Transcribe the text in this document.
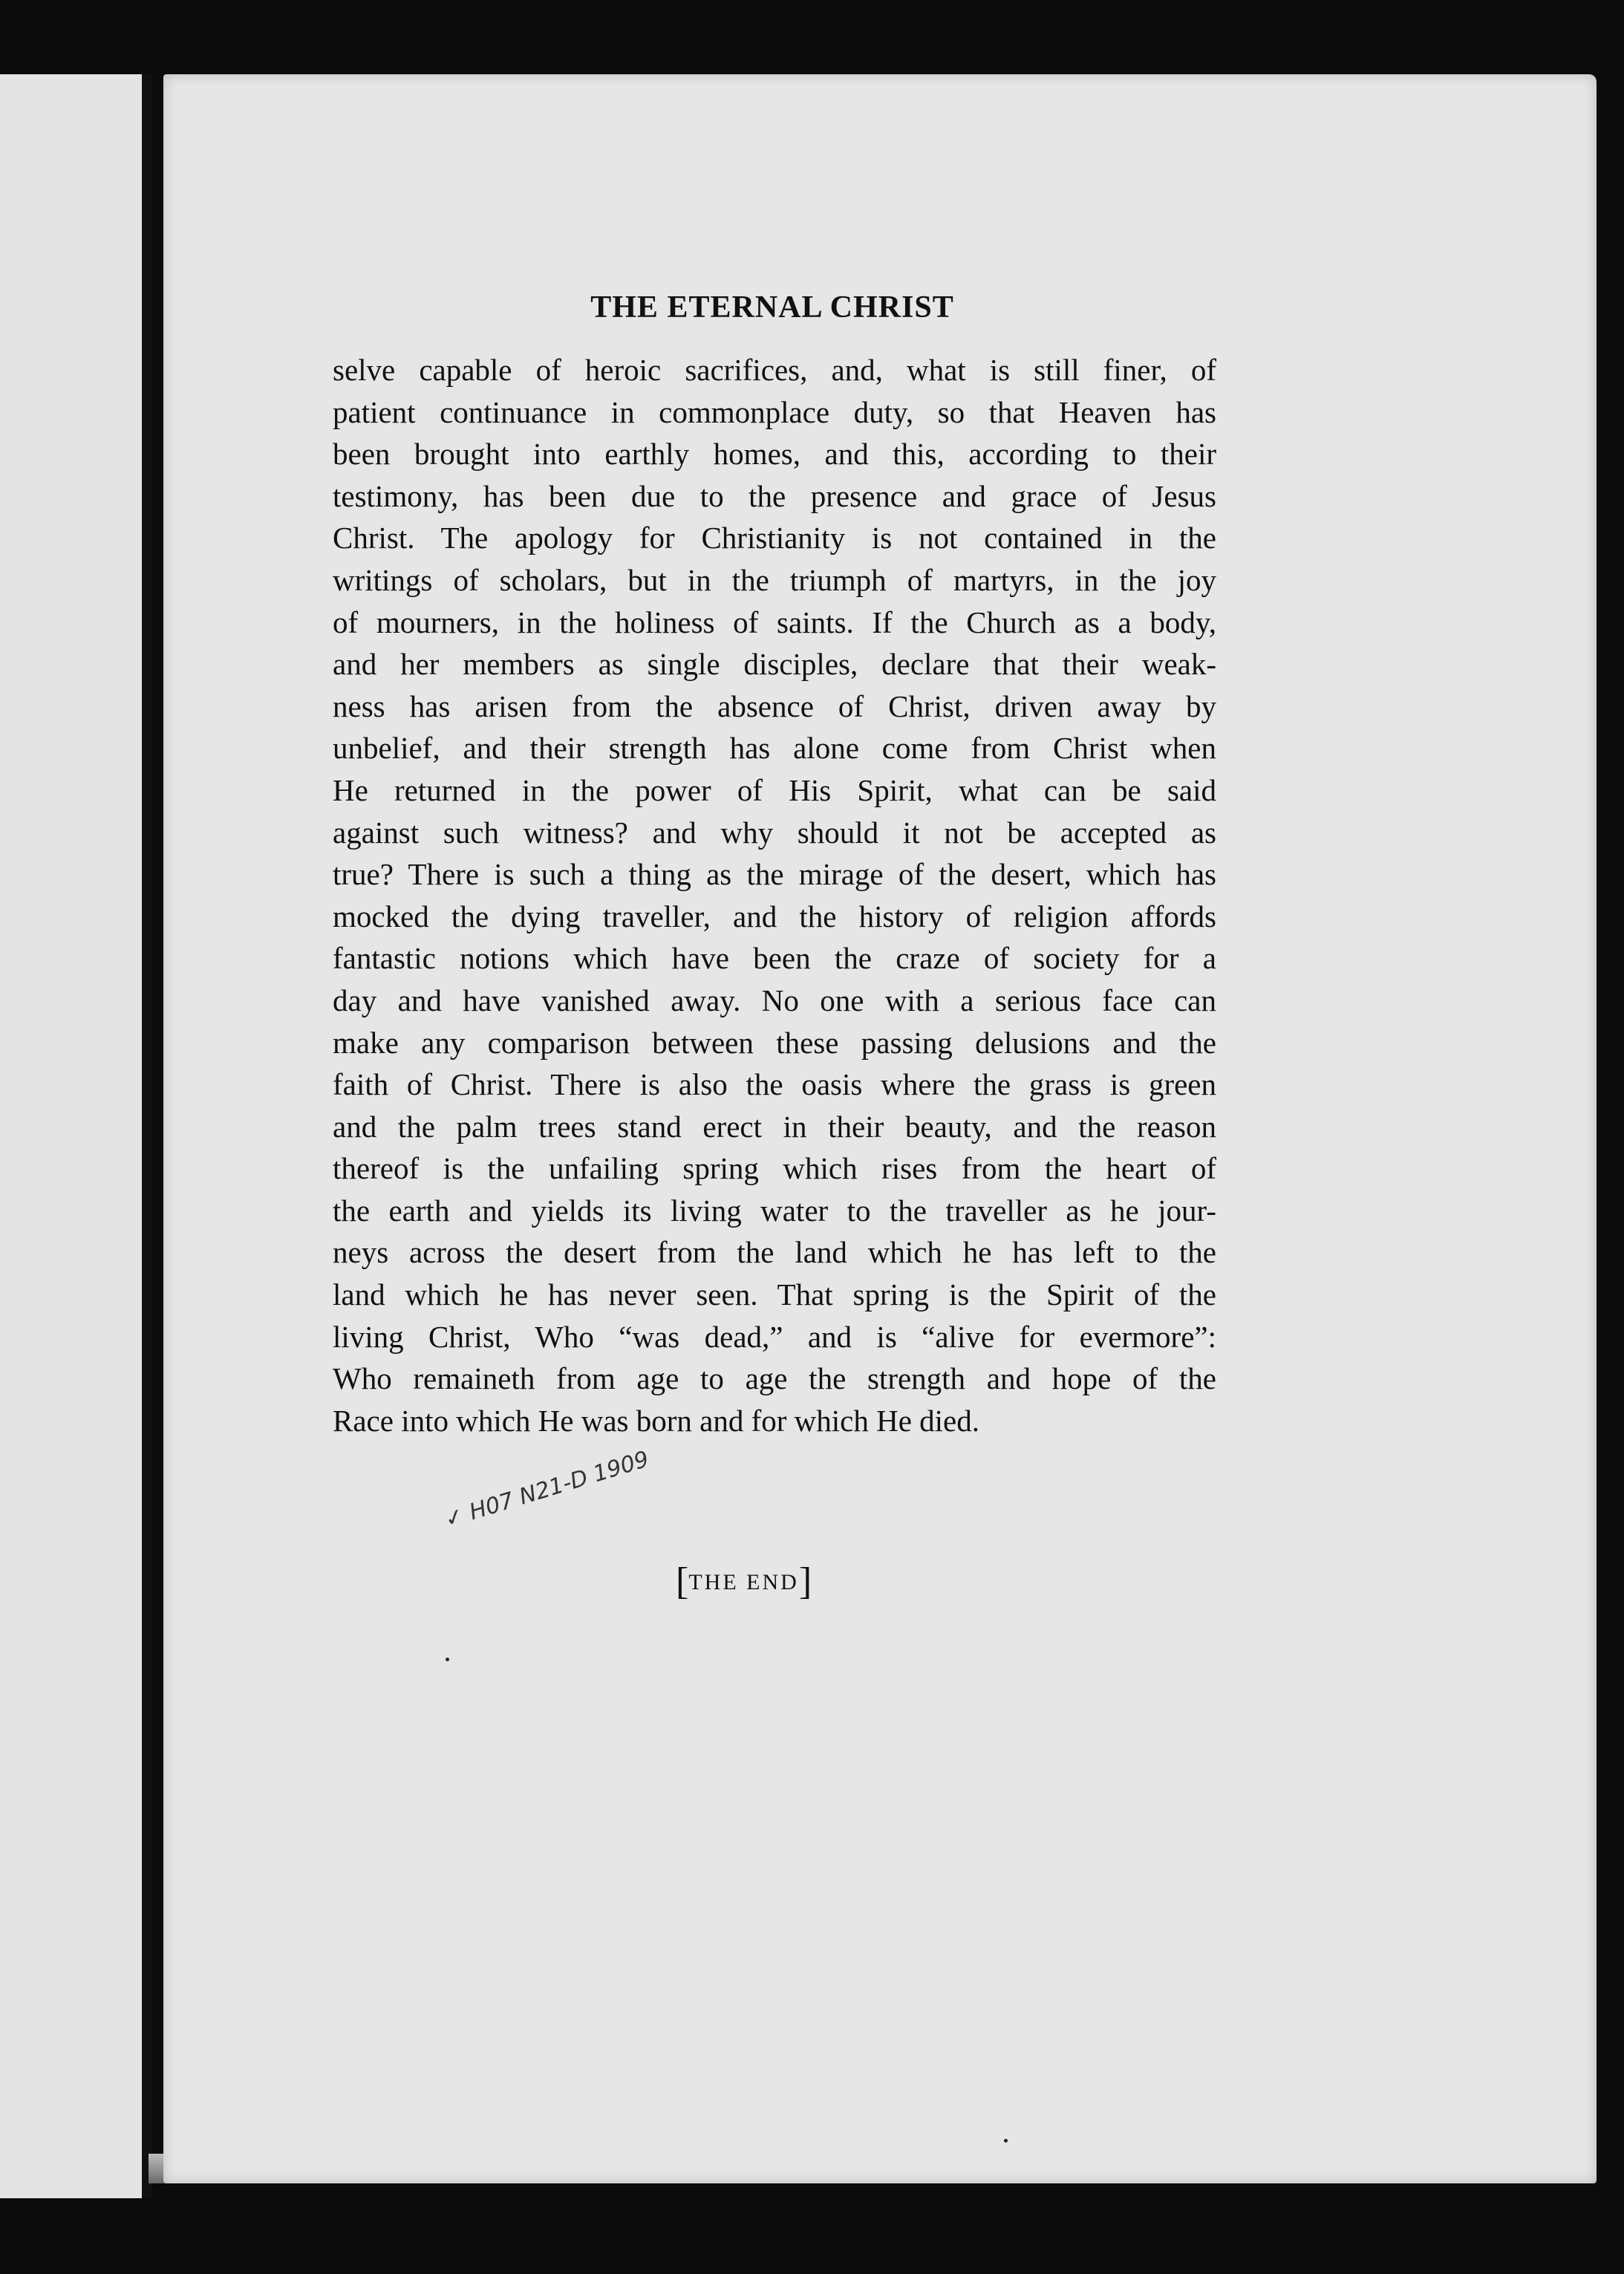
THE ETERNAL CHRIST
selve capable of heroic sacrifices, and, what is still finer, of
patient continuance in commonplace duty, so that Heaven has
been brought into earthly homes, and this, according to their
testimony, has been due to the presence and grace of Jesus
Christ. The apology for Christianity is not contained in the
writings of scholars, but in the triumph of martyrs, in the joy
of mourners, in the holiness of saints. If the Church as a body,
and her members as single disciples, declare that their weak-
ness has arisen from the absence of Christ, driven away by
unbelief, and their strength has alone come from Christ when
He returned in the power of His Spirit, what can be said
against such witness? and why should it not be accepted as
true? There is such a thing as the mirage of the desert, which has
mocked the dying traveller, and the history of religion affords
fantastic notions which have been the craze of society for a
day and have vanished away. No one with a serious face can
make any comparison between these passing delusions and the
faith of Christ. There is also the oasis where the grass is green
and the palm trees stand erect in their beauty, and the reason
thereof is the unfailing spring which rises from the heart of
the earth and yields its living water to the traveller as he jour-
neys across the desert from the land which he has left to the
land which he has never seen. That spring is the Spirit of the
living Christ, Who “was dead,” and is “alive for evermore”:
Who remaineth from age to age the strength and hope of the
Race into which He was born and for which He died.
✓ H07 N21-D 1909
[THE END]
